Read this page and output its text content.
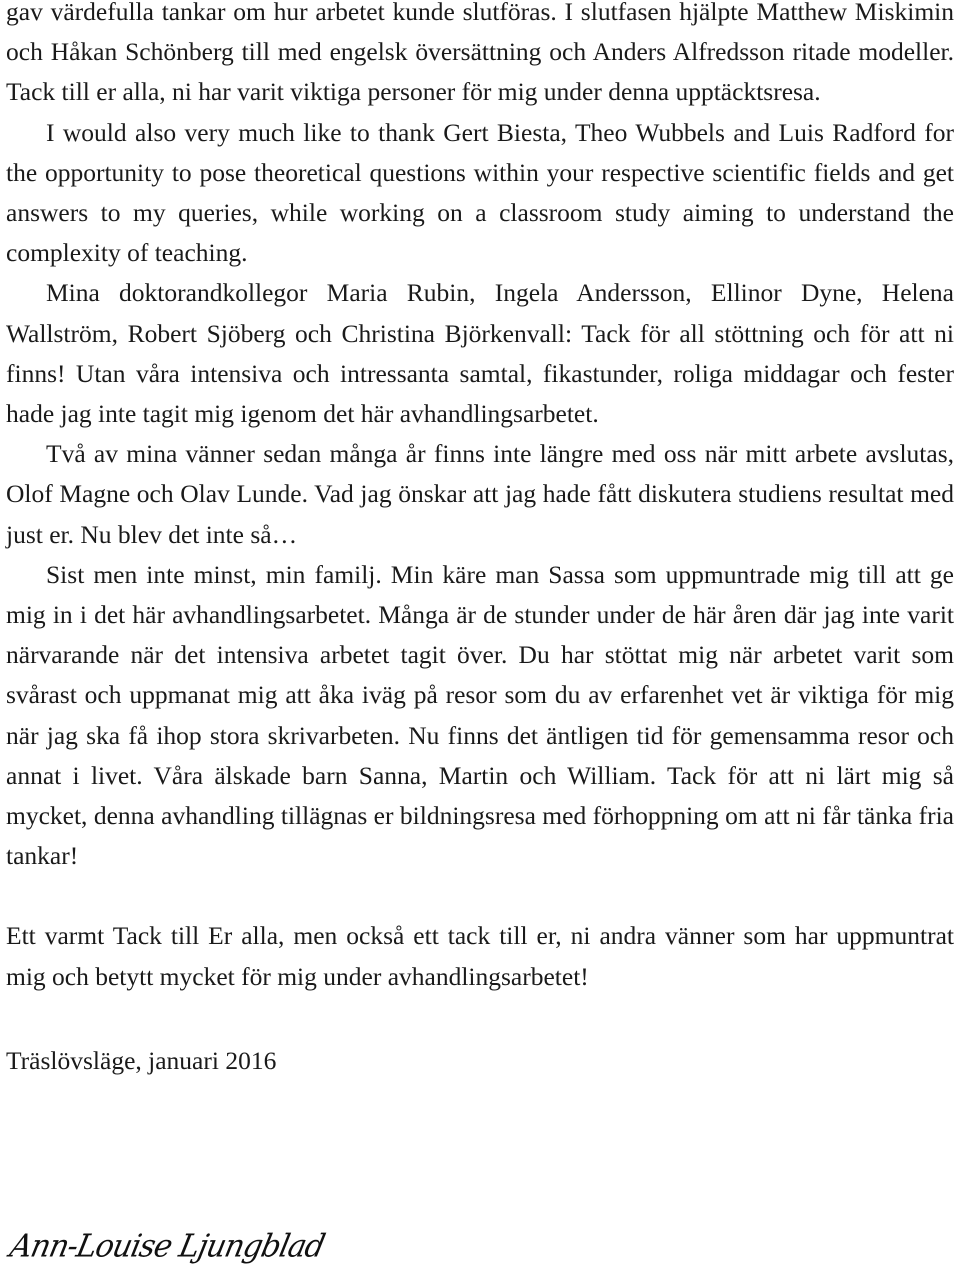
gav värdefulla tankar om hur arbetet kunde slutföras. I slutfasen hjälpte Matthew Miskimin och Håkan Schönberg till med engelsk översättning och Anders Alfredsson ritade modeller. Tack till er alla, ni har varit viktiga personer för mig under denna upptäcktsresa.

I would also very much like to thank Gert Biesta, Theo Wubbels and Luis Radford for the opportunity to pose theoretical questions within your respective scientific fields and get answers to my queries, while working on a classroom study aiming to understand the complexity of teaching.

Mina doktorandkollegor Maria Rubin, Ingela Andersson, Ellinor Dyne, Helena Wallström, Robert Sjöberg och Christina Björkenvall: Tack för all stöttning och för att ni finns! Utan våra intensiva och intressanta samtal, fikastunder, roliga middagar och fester hade jag inte tagit mig igenom det här avhandlingsarbetet.

Två av mina vänner sedan många år finns inte längre med oss när mitt arbete avslutas, Olof Magne och Olav Lunde. Vad jag önskar att jag hade fått diskutera studiens resultat med just er. Nu blev det inte så…

Sist men inte minst, min familj. Min käre man Sassa som uppmuntrade mig till att ge mig in i det här avhandlingsarbetet. Många är de stunder under de här åren där jag inte varit närvarande när det intensiva arbetet tagit över. Du har stöttat mig när arbetet varit som svårast och uppmanat mig att åka iväg på resor som du av erfarenhet vet är viktiga för mig när jag ska få ihop stora skrivarbeten. Nu finns det äntligen tid för gemensamma resor och annat i livet. Våra älskade barn Sanna, Martin och William. Tack för att ni lärt mig så mycket, denna avhandling tillägnas er bildningsresa med förhoppning om att ni får tänka fria tankar!

Ett varmt Tack till Er alla, men också ett tack till er, ni andra vänner som har uppmuntrat mig och betytt mycket för mig under avhandlingsarbetet!

Träslövsläge, januari 2016

Ann-Louise Ljungblad
